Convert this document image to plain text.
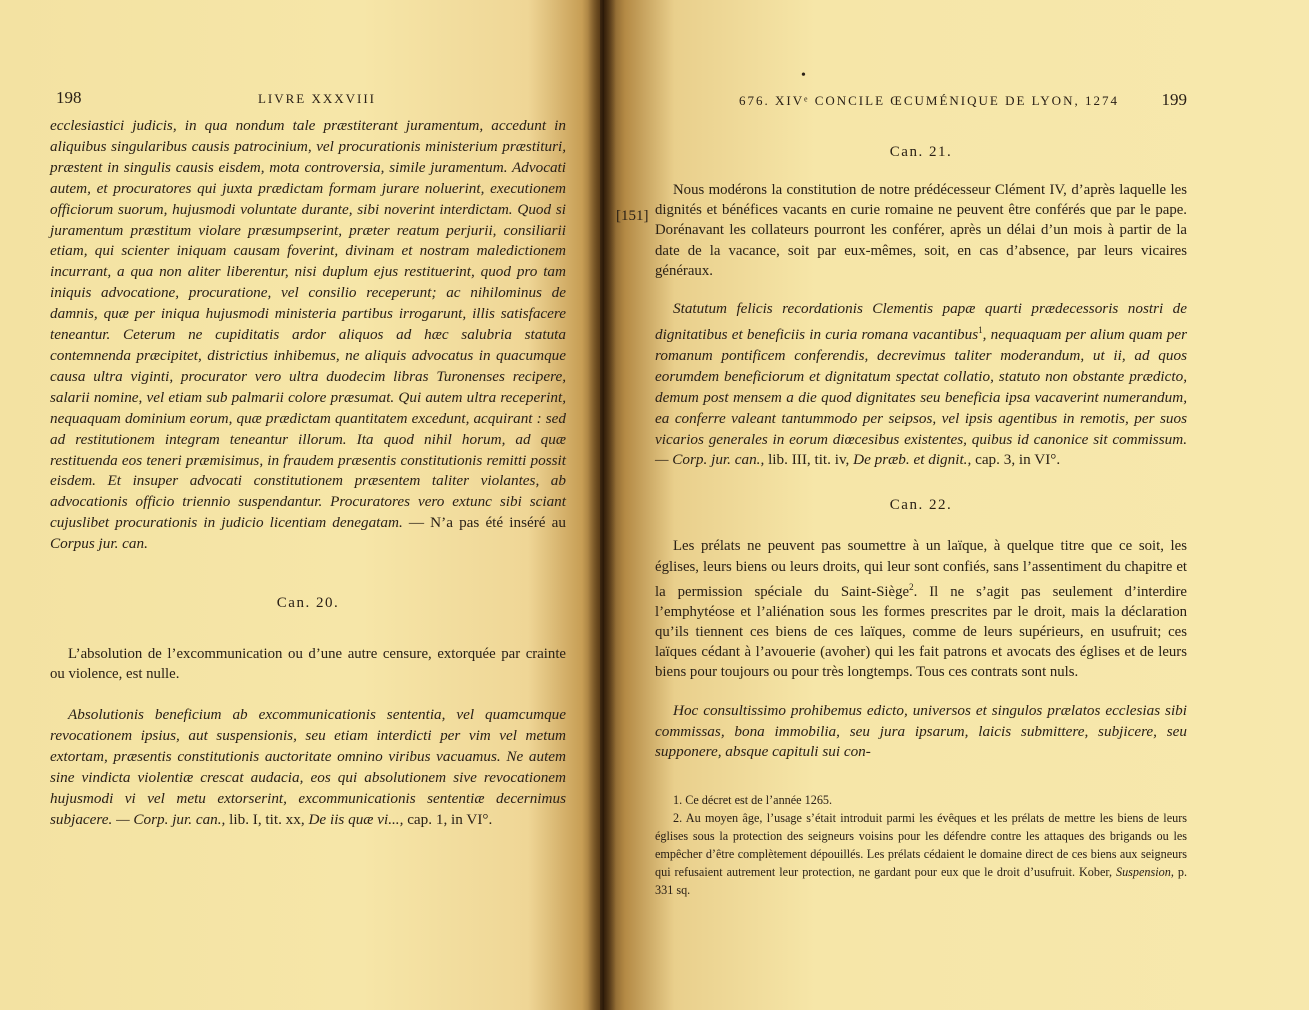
198	LIVRE XXXVIII

ecclesiastici judicis, in qua nondum tale præstiterant juramentum, accedunt in aliquibus singularibus causis patrocinium, vel procurationis ministerium præstituri, præstent in singulis causis eisdem, mota controversia, simile juramentum. Advocati autem, et procuratores qui juxta prædictam formam jurare noluerint, executionem officiorum suorum, hujusmodi voluntate durante, sibi noverint interdictam. Quod si juramentum præstitum violare præsumpserint, præter reatum perjurii, consiliarii etiam, qui scienter iniquam causam foverint, divinam et nostram maledictionem incurrant, a qua non aliter liberentur, nisi duplum ejus restituerint, quod pro tam iniquis advocatione, procuratione, vel consilio receperunt; ac nihilominus de damnis, quæ per iniqua hujusmodi ministeria partibus irrogarunt, illis satisfacere teneantur. Ceterum ne cupiditatis ardor aliquos ad hæc salubria statuta contemnenda præcipitet, districtius inhibemus, ne aliquis advocatus in quacumque causa ultra viginti, procurator vero ultra duodecim libras Turonenses recipere, salarii nomine, vel etiam sub palmarii colore præsumat. Qui autem ultra receperint, nequaquam dominium eorum, quæ prædictam quantitatem excedunt, acquirant : sed ad restitutionem integram teneantur illorum. Ita quod nihil horum, ad quæ restituenda eos teneri præmisimus, in fraudem præsentis constitutionis remitti possit eisdem. Et insuper advocati constitutionem præsentem taliter violantes, ab advocationis officio triennio suspendantur. Procuratores vero extunc sibi sciant cujuslibet procurationis in judicio licentiam denegatam. — N’a pas été inséré au Corpus jur. can.

Can. 20.

L’absolution de l’excommunication ou d’une autre censure, extorquée par crainte ou violence, est nulle.

Absolutionis beneficium ab excommunicationis sententia, vel quamcumque revocationem ipsius, aut suspensionis, seu etiam interdicti per vim vel metum extortam, præsentis constitutionis auctoritate omnino viribus vacuamus. Ne autem sine vindicta violentiæ crescat audacia, eos qui absolutionem sive revocationem hujusmodi vi vel metu extorserint, excommunicationis sententiæ decernimus subjacere. — Corp. jur. can., lib. I, tit. xx, De iis quæ vi..., cap. 1, in VI°.

•
676. XIVᵉ CONCILE ŒCUMÉNIQUE DE LYON, 1274	199
[151]

Can. 21.

Nous modérons la constitution de notre prédécesseur Clément IV, d’après laquelle les dignités et bénéfices vacants en curie romaine ne peuvent être conférés que par le pape. Dorénavant les collateurs pourront les conférer, après un délai d’un mois à partir de la date de la vacance, soit par eux-mêmes, soit, en cas d’absence, par leurs vicaires généraux.

Statutum felicis recordationis Clementis papæ quarti prædecessoris nostri de dignitatibus et beneficiis in curia romana vacantibus$^1$, nequaquam per alium quam per romanum pontificem conferendis, decrevimus taliter moderandum, ut ii, ad quos eorumdem beneficiorum et dignitatum spectat collatio, statuto non obstante prædicto, demum post mensem a die quod dignitates seu beneficia ipsa vacaverint numerandum, ea conferre valeant tantummodo per seipsos, vel ipsis agentibus in remotis, per suos vicarios generales in eorum diœcesibus existentes, quibus id canonice sit commissum. — Corp. jur. can., lib. III, tit. iv, De præb. et dignit., cap. 3, in VI°.

Can. 22.

Les prélats ne peuvent pas soumettre à un laïque, à quelque titre que ce soit, les églises, leurs biens ou leurs droits, qui leur sont confiés, sans l’assentiment du chapitre et la permission spéciale du Saint-Siège$^2$. Il ne s’agit pas seulement d’interdire l’emphytéose et l’aliénation sous les formes prescrites par le droit, mais la déclaration qu’ils tiennent ces biens de ces laïques, comme de leurs supérieurs, en usufruit; ces laïques cédant à l’avouerie (avoher) qui les fait patrons et avocats des églises et de leurs biens pour toujours ou pour très longtemps. Tous ces contrats sont nuls.

Hoc consultissimo prohibemus edicto, universos et singulos prælatos ecclesias sibi commissas, bona immobilia, seu jura ipsarum, laicis submittere, subjicere, seu supponere, absque capituli sui con-

1. Ce décret est de l’année 1265.

2. Au moyen âge, l’usage s’était introduit parmi les évêques et les prélats de mettre les biens de leurs églises sous la protection des seigneurs voisins pour les défendre contre les attaques des brigands ou les empêcher d’être complètement dépouillés. Les prélats cédaient le domaine direct de ces biens aux seigneurs qui refusaient autrement leur protection, ne gardant pour eux que le droit d’usufruit. Kober, Suspension, p. 331 sq.
